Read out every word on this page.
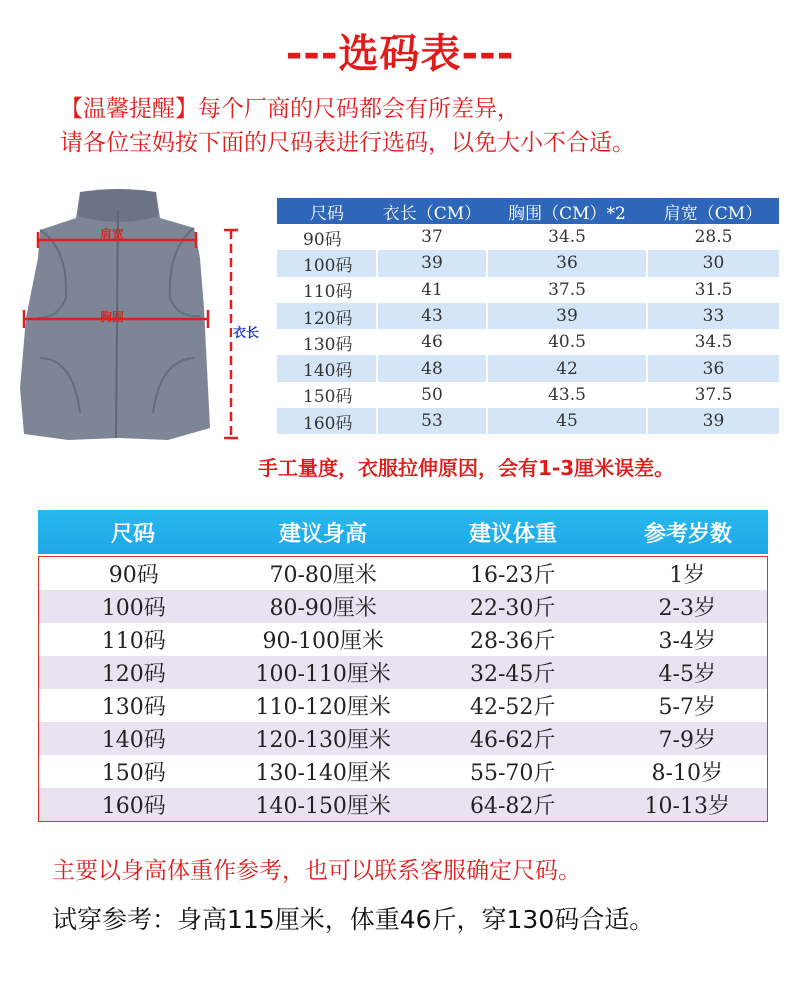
---选码表---
【温馨提醒】每个厂商的尺码都会有所差异，
请各位宝妈按下面的尺码表进行选码，以免大小不合适。
肩宽
胸围
衣长
尺码	衣长（CM）	胸围（CM）*2	肩宽（CM）
90码	37	34.5	28.5
100码	39	36	30
110码	41	37.5	31.5
120码	43	39	33
130码	46	40.5	34.5
140码	48	42	36
150码	50	43.5	37.5
160码	53	45	39
手工量度，衣服拉伸原因，会有1-3厘米误差。
尺码	建议身高	建议体重	参考岁数
90码	70-80厘米	16-23斤	1岁
100码	80-90厘米	22-30斤	2-3岁
110码	90-100厘米	28-36斤	3-4岁
120码	100-110厘米	32-45斤	4-5岁
130码	110-120厘米	42-52斤	5-7岁
140码	120-130厘米	46-62斤	7-9岁
150码	130-140厘米	55-70斤	8-10岁
160码	140-150厘米	64-82斤	10-13岁
主要以身高体重作参考，也可以联系客服确定尺码。
试穿参考：身高115厘米，体重46斤，穿130码合适。
